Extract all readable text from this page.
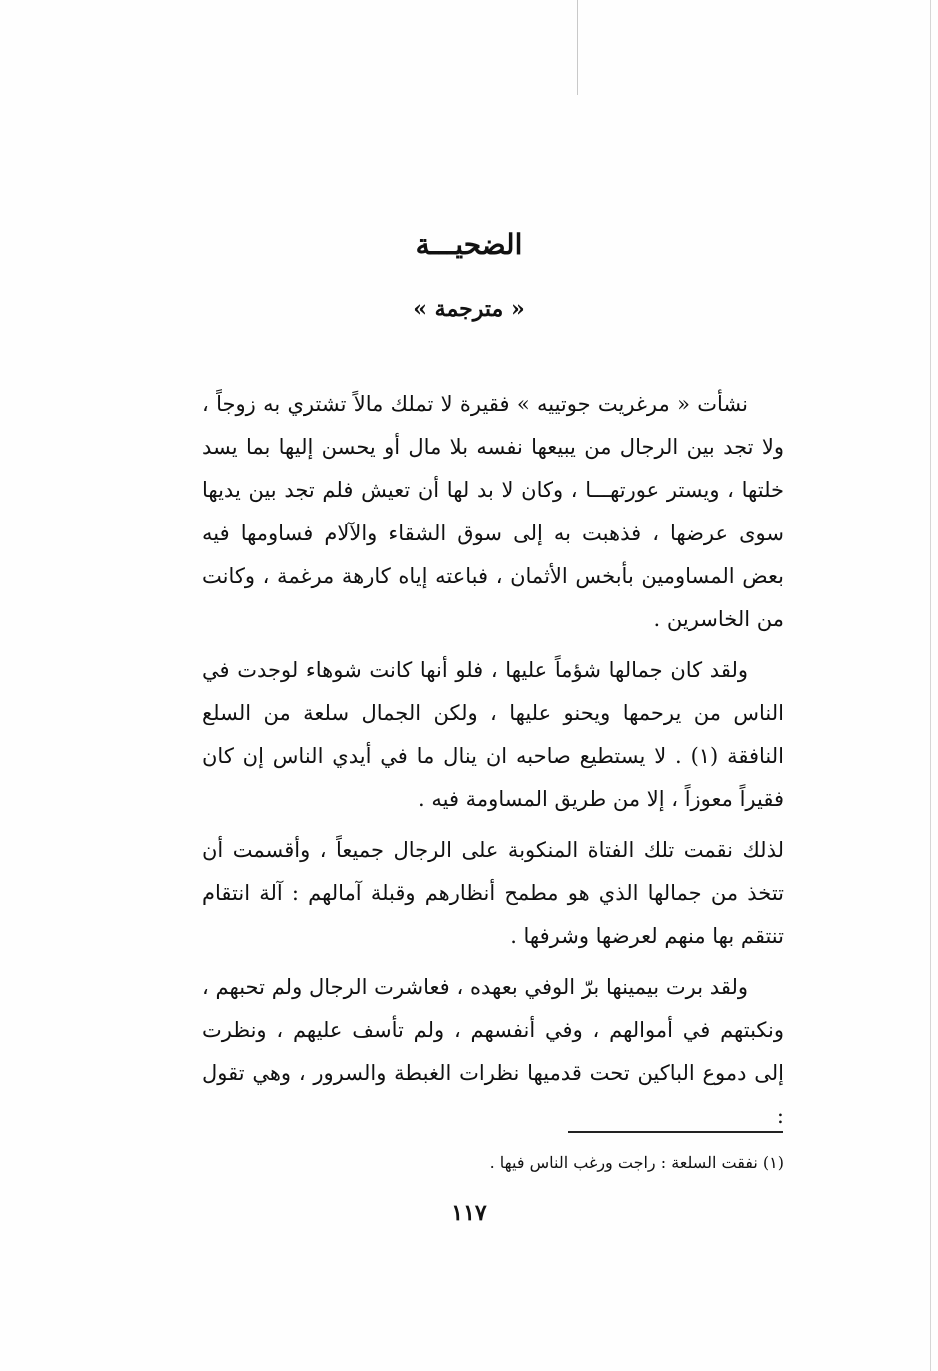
الضحيـــة
« مترجمة »

نشأت « مرغريت جوتييه » فقيرة لا تملك مالاً تشتري به زوجاً ، ولا تجد بين الرجال من يبيعها نفسه بلا مال أو يحسن إليها بما يسد خلتها ، ويستر عورتهـــا ، وكان لا بد لها أن تعيش فلم تجد بين يديها سوى عرضها ، فذهبت به إلى سوق الشقاء والآلام فساومها فيه بعض المساومين بأبخس الأثمان ، فباعته إياه كارهة مرغمة ، وكانت من الخاسرين .

ولقد كان جمالها شؤماً عليها ، فلو أنها كانت شوهاء لوجدت في الناس من يرحمها ويحنو عليها ، ولكن الجمال سلعة من السلع النافقة (١) . لا يستطيع صاحبه ان ينال ما في أيدي الناس إن كان فقيراً معوزاً ، إلا من طريق المساومة فيه .

لذلك نقمت تلك الفتاة المنكوبة على الرجال جميعاً ، وأقسمت أن تتخذ من جمالها الذي هو مطمح أنظارهم وقبلة آمالهم : آلة انتقام تنتقم بها منهم لعرضها وشرفها .

ولقد برت بيمينها برّ الوفي بعهده ، فعاشرت الرجال ولم تحبهم ، ونكبتهم في أموالهم ، وفي أنفسهم ، ولم تأسف عليهم ، ونظرت إلى دموع الباكين تحت قدميها نظرات الغبطة والسرور ، وهي تقول :

(١) نفقت السلعة : راجت ورغب الناس فيها .
١١٧
